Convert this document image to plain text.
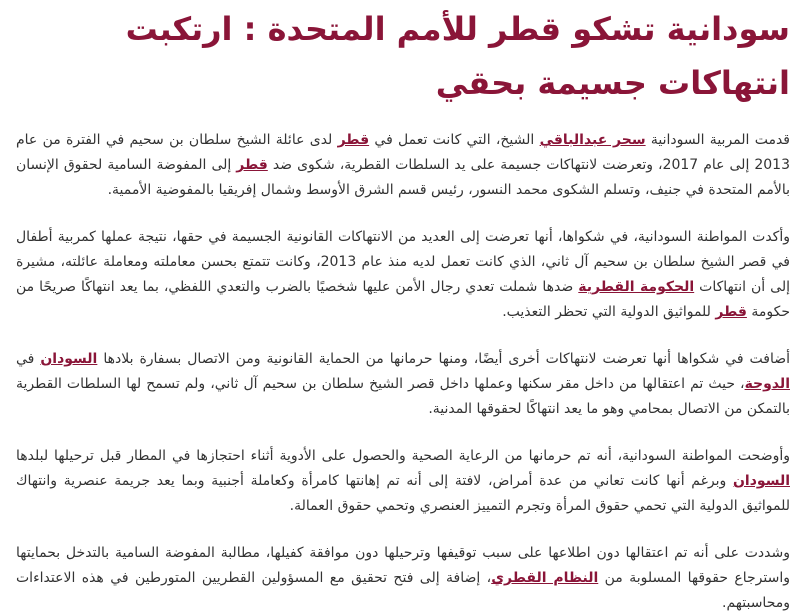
سودانية تشكو قطر للأمم المتحدة : ارتكبت انتهاكات جسيمة بحقي

قدمت المربية السودانية سحر عبدالباقي الشيخ، التي كانت تعمل في قطر لدى عائلة الشيخ سلطان بن سحيم في الفترة من عام 2013 إلى عام 2017، وتعرضت لانتهاكات جسيمة على يد السلطات القطرية، شكوى ضد قطر إلى المفوضة السامية لحقوق الإنسان بالأمم المتحدة في جنيف، وتسلم الشكوى محمد النسور، رئيس قسم الشرق الأوسط وشمال إفريقيا بالمفوضية الأممية.

وأكدت المواطنة السودانية، في شكواها، أنها تعرضت إلى العديد من الانتهاكات القانونية الجسيمة في حقها، نتيجة عملها كمربية أطفال في قصر الشيخ سلطان بن سحيم آل ثاني، الذي كانت تعمل لديه منذ عام 2013، وكانت تتمتع بحسن معاملته ومعاملة عائلته، مشيرة إلى أن انتهاكات الحكومة القطرية ضدها شملت تعدي رجال الأمن عليها شخصيًا بالضرب والتعدي اللفظي، بما يعد انتهاكًا صريحًا من حكومة قطر للمواثيق الدولية التي تحظر التعذيب.

أضافت في شكواها أنها تعرضت لانتهاكات أخرى أيضًا، ومنها حرمانها من الحماية القانونية ومن الاتصال بسفارة بلادها السودان في الدوحة، حيث تم اعتقالها من داخل مقر سكنها وعملها داخل قصر الشيخ سلطان بن سحيم آل ثاني، ولم تسمح لها السلطات القطرية بالتمكن من الاتصال بمحامي وهو ما يعد انتهاكًا لحقوقها المدنية.

وأوضحت المواطنة السودانية، أنه تم حرمانها من الرعاية الصحية والحصول على الأدوية أثناء احتجازها في المطار قبل ترحيلها لبلدها السودان وبرغم أنها كانت تعاني من عدة أمراض، لافتة إلى أنه تم إهانتها كامرأة وكعاملة أجنبية وبما يعد جريمة عنصرية وانتهاك للمواثيق الدولية التي تحمي حقوق المرأة وتجرم التمييز العنصري وتحمي حقوق العمالة.

وشددت على أنه تم اعتقالها دون اطلاعها على سبب توقيفها وترحيلها دون موافقة كفيلها، مطالبة المفوضة السامية بالتدخل بحمايتها واسترجاع حقوقها المسلوبة من النظام القطري، إضافة إلى فتح تحقيق مع المسؤولين القطريين المتورطين في هذه الاعتداءات ومحاسبتهم.
